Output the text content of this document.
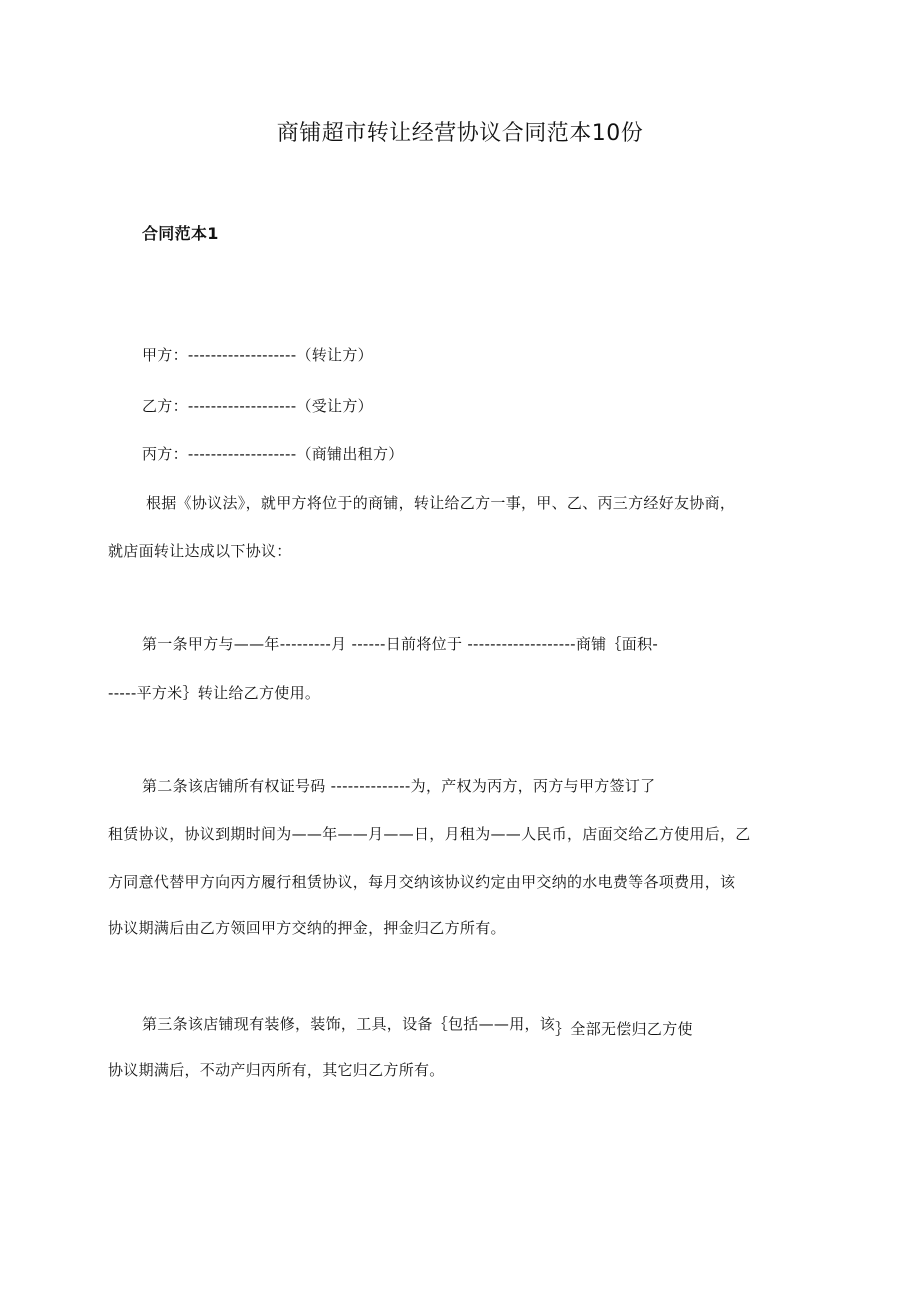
商铺超市转让经营协议合同范本10份
合同范本1
甲方：-------------------（转让方）
乙方：-------------------（受让方）
丙方：-------------------（商铺出租方）
根据《协议法》，就甲方将位于的商铺，转让给乙方一事，甲、乙、丙三方经好友协商，
就店面转让达成以下协议：
第一条甲方与——年---------月 ------日前将位于 -------------------商铺｛面积-
-----平方米｝转让给乙方使用。
第二条该店铺所有权证号码 --------------为，产权为丙方，丙方与甲方签订了
租赁协议，协议到期时间为——年——月——日，月租为——人民币，店面交给乙方使用后，乙
方同意代替甲方向丙方履行租赁协议，每月交纳该协议约定由甲交纳的水电费等各项费用，该
协议期满后由乙方领回甲方交纳的押金，押金归乙方所有。
第三条该店铺现有装修，装饰，工具，设备｛包括——用，该｝全部无偿归乙方使
协议期满后，不动产归丙所有，其它归乙方所有。
